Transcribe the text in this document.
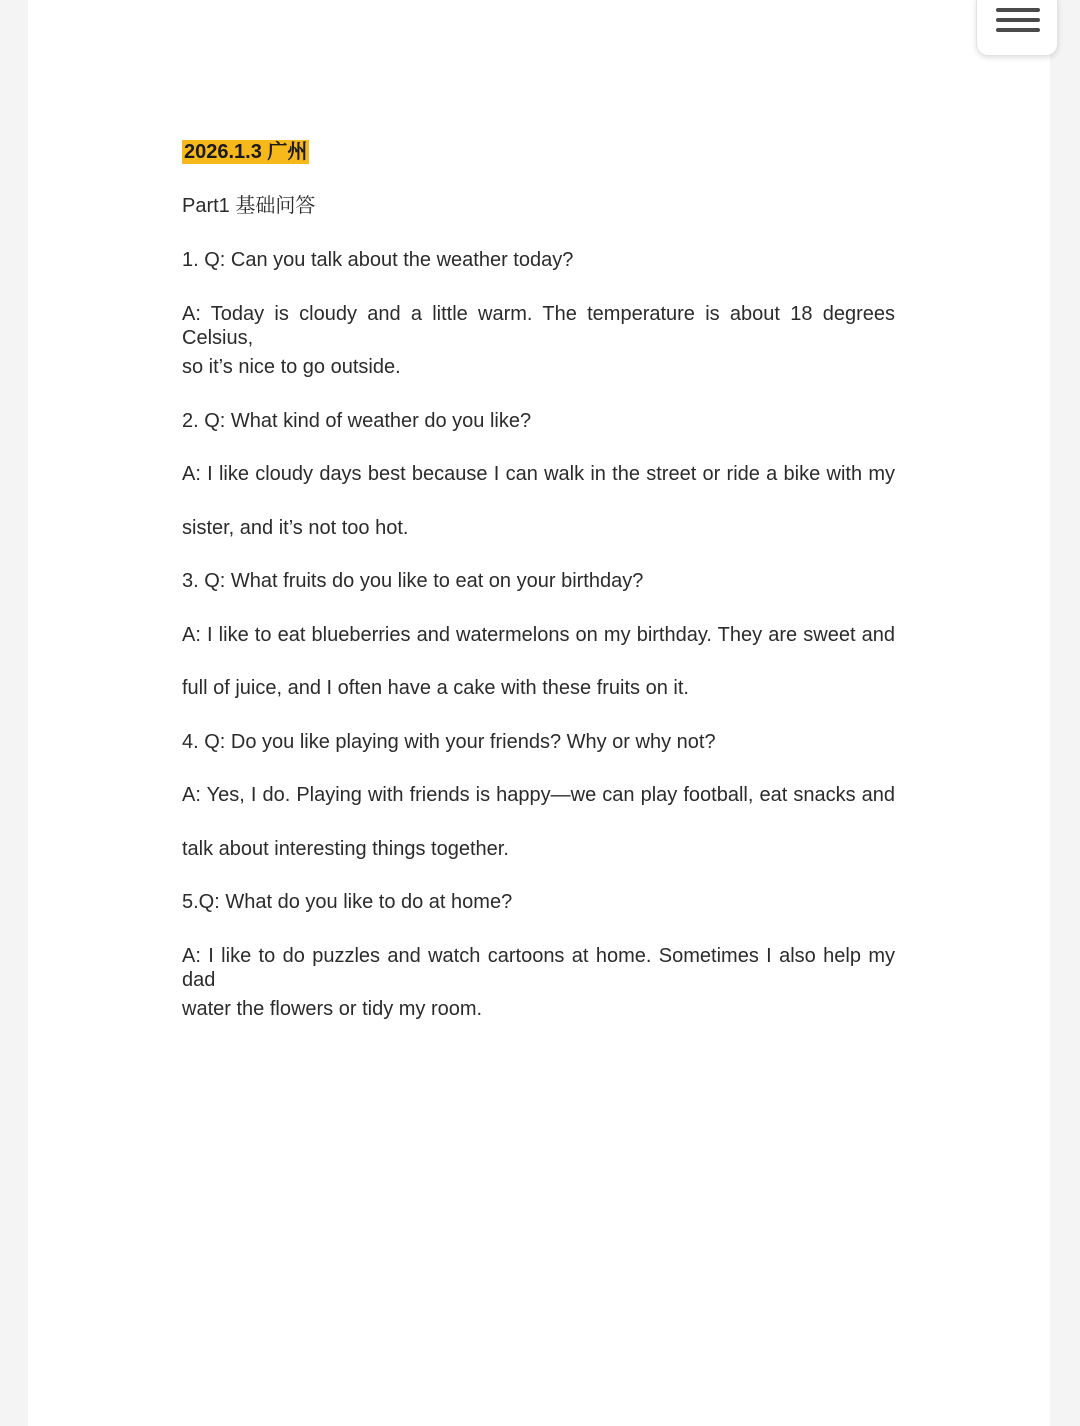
2026.1.3 广州
Part1 基础问答
1. Q: Can you talk about the weather today?
A: Today is cloudy and a little warm. The temperature is about 18 degrees Celsius,
so it’s nice to go outside.
2. Q: What kind of weather do you like?
A: I like cloudy days best because I can walk in the street or ride a bike with my
sister, and it’s not too hot.
3. Q: What fruits do you like to eat on your birthday?
A: I like to eat blueberries and watermelons on my birthday. They are sweet and
full of juice, and I often have a cake with these fruits on it.
4. Q: Do you like playing with your friends? Why or why not?
A: Yes, I do. Playing with friends is happy—we can play football, eat snacks and
talk about interesting things together.
5.Q: What do you like to do at home?
A: I like to do puzzles and watch cartoons at home. Sometimes I also help my dad
water the flowers or tidy my room.
